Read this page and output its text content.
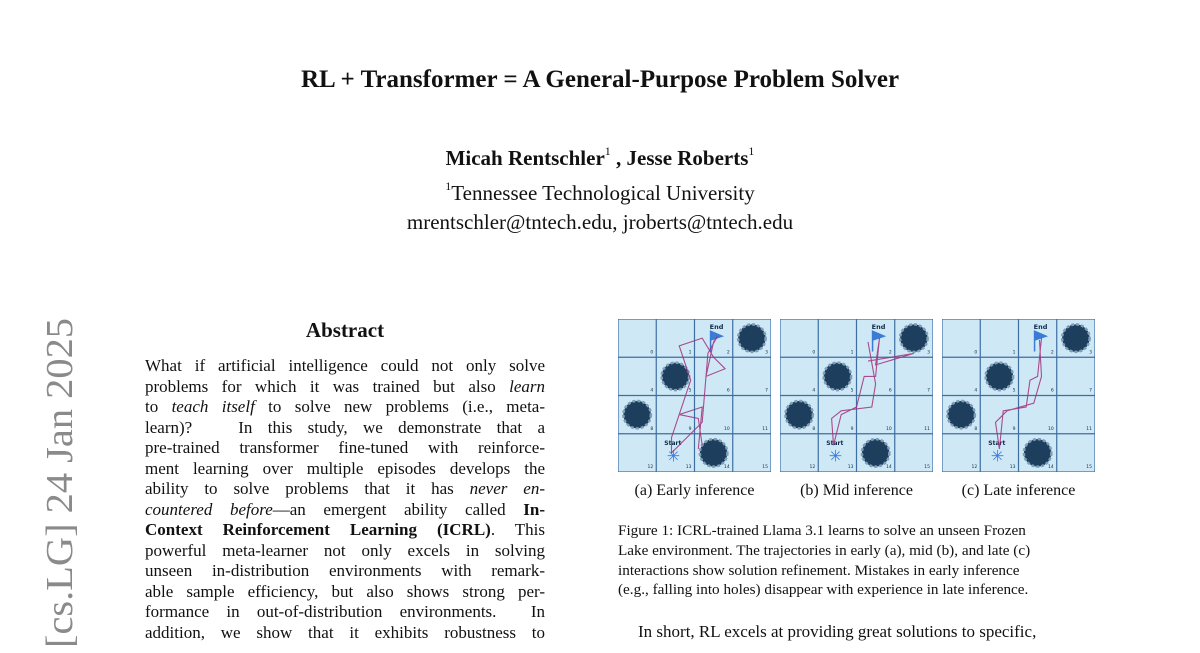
[cs.LG] 24 Jan 2025
RL + Transformer = A General-Purpose Problem Solver
Micah Rentschler$^1$ , Jesse Roberts$^1$
$^1$Tennessee Technological University
mrentschler@tntech.edu, jroberts@tntech.edu
Abstract
What if artificial intelligence could not only solve
problems for which it was trained but also learn
to teach itself to solve new problems (i.e., meta-
learn)?   In this study, we demonstrate that a
pre-trained transformer fine-tuned with reinforce-
ment learning over multiple episodes develops the
ability to solve problems that it has never en-
countered before—an emergent ability called In-
Context Reinforcement Learning (ICRL). This
powerful meta-learner not only excels in solving
unseen in-distribution environments with remark-
able sample efficiency, but also shows strong per-
formance in out-of-distribution environments.  In
addition, we show that it exhibits robustness to
0	1	2	3
4	5	6	7
8	9	10	11
12	13	14	15
End
Start
✳
0	1	2	3
4	5	6	7
8	9	10	11
12	13	14	15
End
Start
✳
0	1	2	3
4	5	6	7
8	9	10	11
12	13	14	15
End
Start
✳
(a) Early inference	(b) Mid inference	(c) Late inference
Figure 1: ICRL-trained Llama 3.1 learns to solve an unseen Frozen
Lake environment. The trajectories in early (a), mid (b), and late (c)
interactions show solution refinement. Mistakes in early inference
(e.g., falling into holes) disappear with experience in late inference.
In short, RL excels at providing great solutions to specific,
